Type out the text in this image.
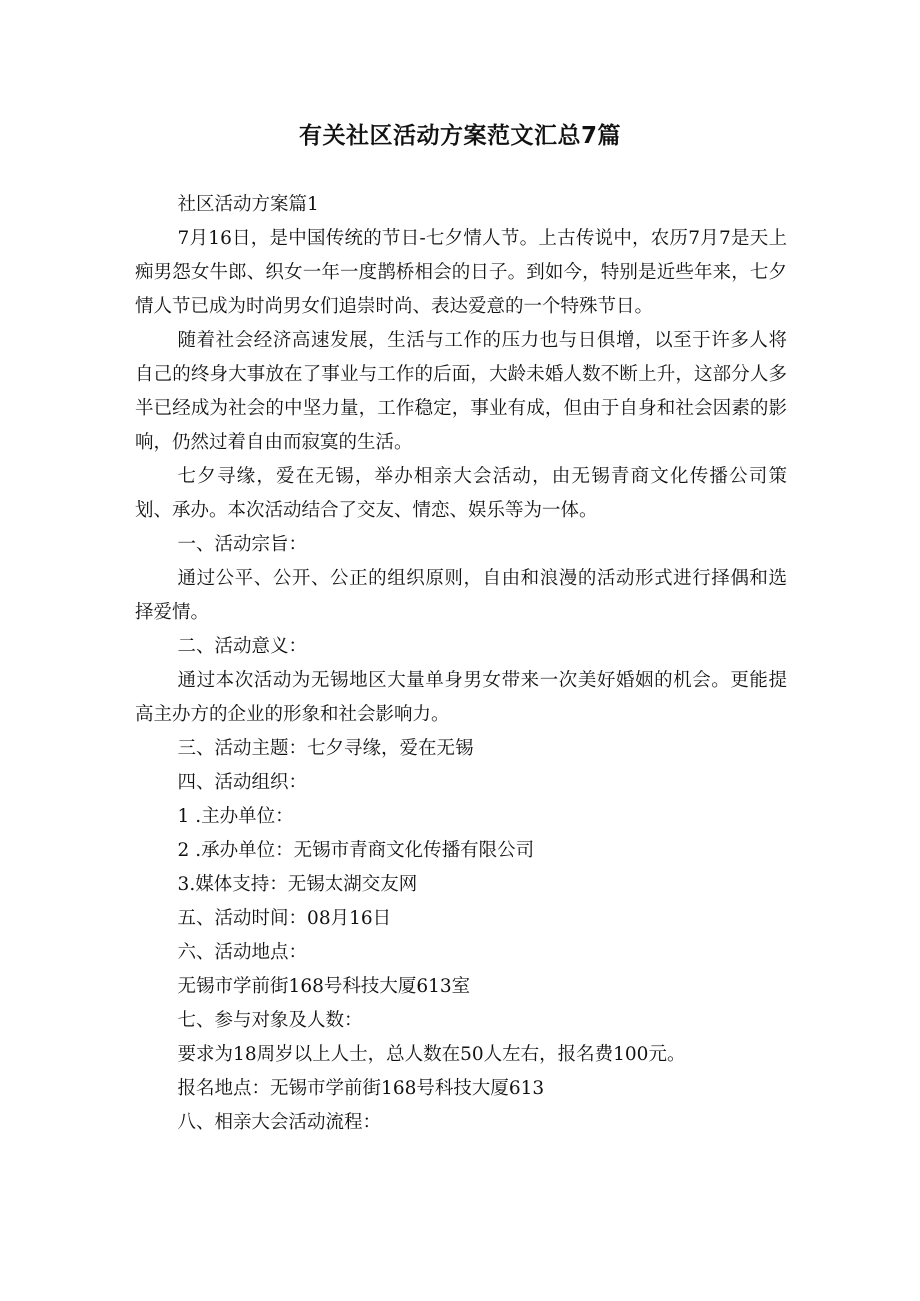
有关社区活动方案范文汇总7篇

社区活动方案篇1

7月16日，是中国传统的节日-七夕情人节。上古传说中，农历7月7是天上痴男怨女牛郎、织女一年一度鹊桥相会的日子。到如今，特别是近些年来，七夕情人节已成为时尚男女们追崇时尚、表达爱意的一个特殊节日。

随着社会经济高速发展，生活与工作的压力也与日俱增，以至于许多人将自己的终身大事放在了事业与工作的后面，大龄未婚人数不断上升，这部分人多半已经成为社会的中坚力量，工作稳定，事业有成，但由于自身和社会因素的影响，仍然过着自由而寂寞的生活。

七夕寻缘，爱在无锡，举办相亲大会活动，由无锡青商文化传播公司策划、承办。本次活动结合了交友、情恋、娱乐等为一体。

一、活动宗旨：

通过公平、公开、公正的组织原则，自由和浪漫的活动形式进行择偶和选择爱情。

二、活动意义：

通过本次活动为无锡地区大量单身男女带来一次美好婚姻的机会。更能提高主办方的企业的形象和社会影响力。

三、活动主题：七夕寻缘，爱在无锡

四、活动组织：

1 .主办单位：

2 .承办单位：无锡市青商文化传播有限公司

3.媒体支持：无锡太湖交友网

五、活动时间：08月16日

六、活动地点：

无锡市学前街168号科技大厦613室

七、参与对象及人数：

要求为18周岁以上人士，总人数在50人左右，报名费100元。

报名地点：无锡市学前街168号科技大厦613

八、相亲大会活动流程：
